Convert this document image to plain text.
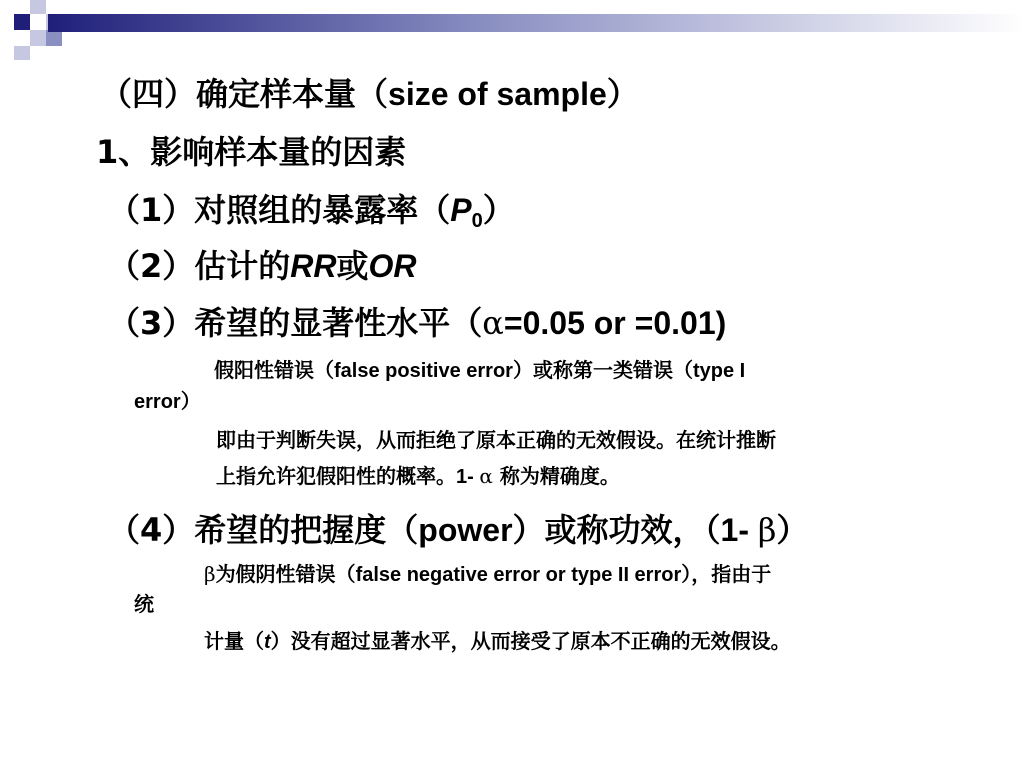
（四）确定样本量（size of sample）
1、影响样本量的因素
（1）对照组的暴露率$(P_0)$
（2）估计的RR或OR
（3）希望的显著性水平（α=0.05 or =0.01)
假阳性错误（false positive error）或称第一类错误（type I
error）
即由于判断失误，从而拒绝了原本正确的无效假设。在统计推断
上指允许犯假阳性的概率。1- α 称为精确度。
（4）希望的把握度（power）或称功效，（1- β）
β为假阴性错误（false negative error or type II error），指由于
统
计量（t）没有超过显著水平，从而接受了原本不正确的无效假设。
